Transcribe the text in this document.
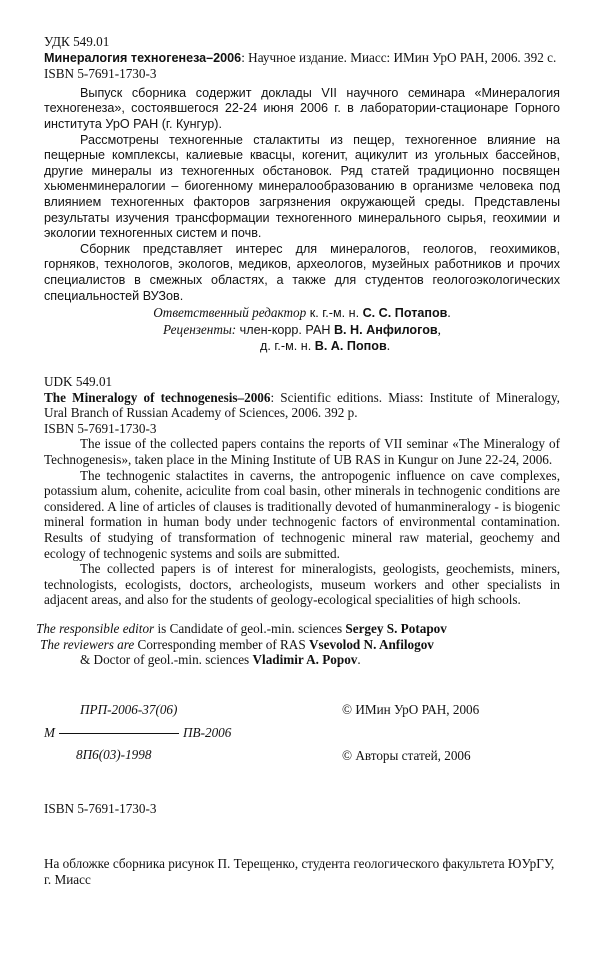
УДК 549.01

Минералогия техногенеза–2006: Научное издание. Миасс: ИМин УрО РАН, 2006. 392 с.

ISBN 5-7691-1730-3

Выпуск сборника содержит доклады VII научного семинара «Минералогия техногенеза», состоявшегося 22-24 июня 2006 г. в лаборатории-стационаре Горного института УрО РАН (г. Кунгур).

Рассмотрены техногенные сталактиты из пещер, техногенное влияние на пещерные комплексы, калиевые квасцы, когенит, ацикулит из угольных бассейнов, другие минералы из техногенных обстановок. Ряд статей традиционно посвящен хьюменминералогии – биогенному минералообразованию в организме человека под влиянием техногенных факторов загрязнения окружающей среды. Представлены результаты изучения трансформации техногенного минерального сырья, геохимии и экологии техногенных систем и почв.

Сборник представляет интерес для минералогов, геологов, геохимиков, горняков, технологов, экологов, медиков, археологов, музейных работников и прочих специалистов в смежных областях, а также для студентов геологоэкологических специальностей ВУЗов.

Ответственный редактор к. г.-м. н. С. С. Потапов.

Рецензенты: член-корр. РАН В. Н. Анфилогов,

д. г.-м. н. В. А. Попов.

UDK 549.01

The Mineralogy of technogenesis–2006: Scientific editions. Miass: Institute of Mineralogy, Ural Branch of Russian Academy of Sciences, 2006. 392 p.

ISBN 5-7691-1730-3

The issue of the collected papers contains the reports of VII seminar «The Mineralogy of Technogenesis», taken place in the Mining Institute of UB RAS in Kungur on June 22-24, 2006.

The technogenic stalactites in caverns, the antropogenic influence on cave complexes, potassium alum, cohenite, aciculite from coal basin, other minerals in technogenic conditions are considered. A line of articles of clauses is traditionally devoted of humanmineralogy - is biogenic mineral formation in human body under technogenic factors of environmental contamination. Results of studying of transformation of technogenic mineral raw material, geochemy and ecology of technogenic systems and soils are submitted.

The collected papers is of interest for mineralogists, geologists, geochemists, miners, technologists, ecologists, doctors, archeologists, museum workers and other specialists in adjacent areas, and also for the students of geology-ecological specialities of high schools.

The responsible editor is Candidate of geol.-min. sciences Sergey S. Potapov

The reviewers are Corresponding member of RAS Vsevolod N. Anfilogov

& Doctor of geol.-min. sciences Vladimir A. Popov.

ПРП-2006-37(06)
М	ПВ-2006
8П6(03)-1998
© ИМин УрО РАН, 2006
© Авторы статей, 2006

ISBN 5-7691-1730-3

На обложке сборника рисунок П. Терещенко, студента геологического факультета ЮУрГУ, г. Миасс
